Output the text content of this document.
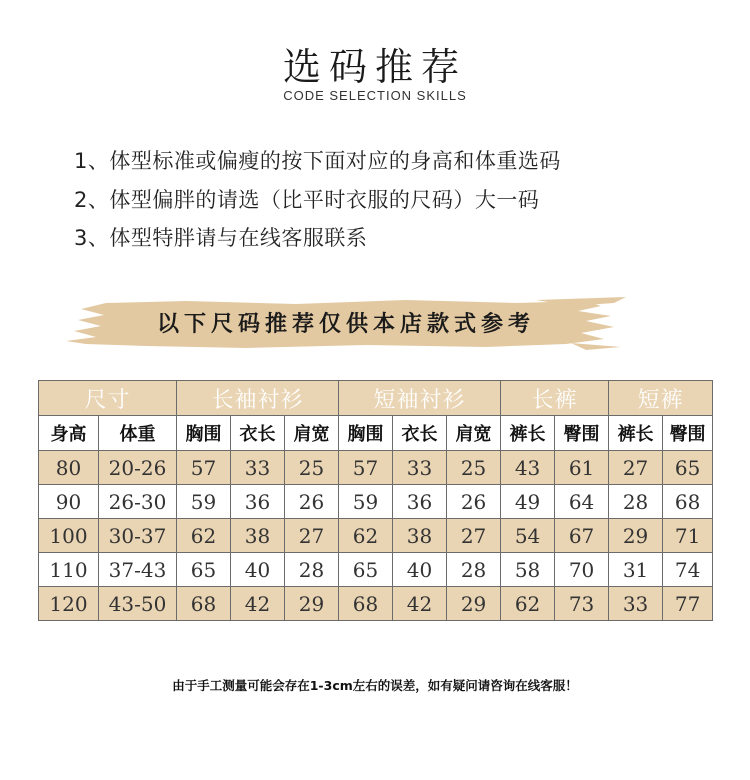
选码推荐
CODE SELECTION SKILLS
1、体型标准或偏瘦的按下面对应的身高和体重选码
2、体型偏胖的请选（比平时衣服的尺码）大一码
3、体型特胖请与在线客服联系
以下尺码推荐仅供本店款式参考
尺寸		长袖衬衫			短袖衬衫			长裤		短裤	
身高	体重	胸围	衣长	肩宽	胸围	衣长	肩宽	裤长	臀围	裤长	臀围
80	20-26	57	33	25	57	33	25	43	61	27	65
90	26-30	59	36	26	59	36	26	49	64	28	68
100	30-37	62	38	27	62	38	27	54	67	29	71
110	37-43	65	40	28	65	40	28	58	70	31	74
120	43-50	68	42	29	68	42	29	62	73	33	77
由于手工测量可能会存在1-3cm左右的误差，如有疑问请咨询在线客服！
